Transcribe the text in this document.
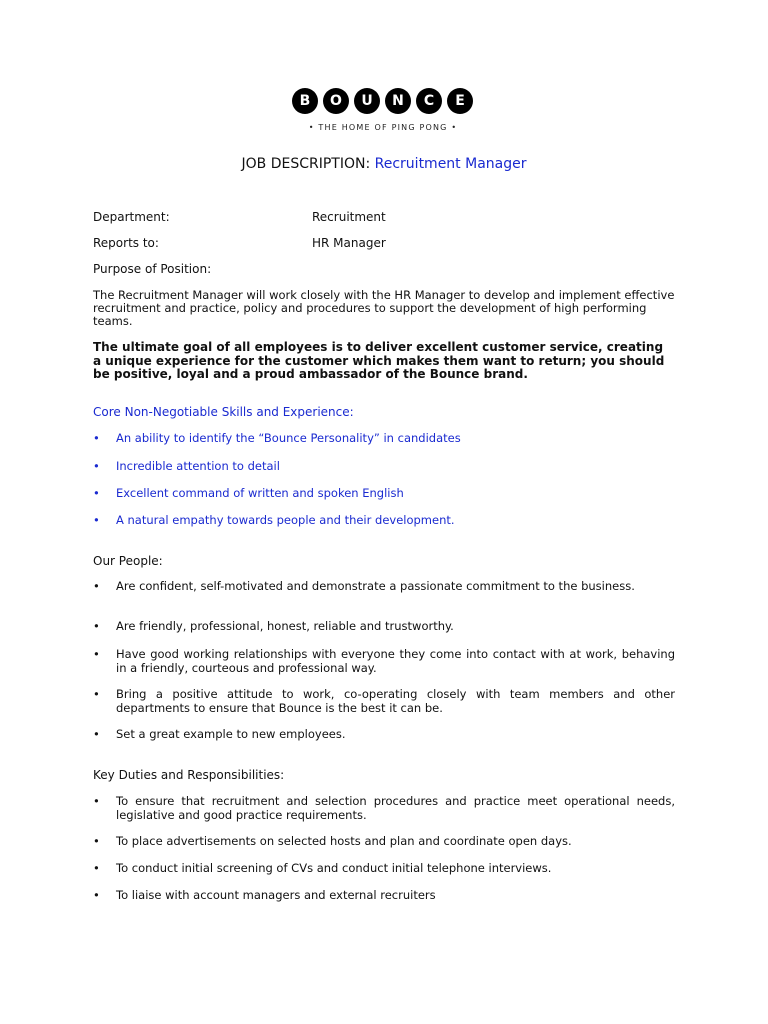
B	O	U	N	C	E
• THE HOME OF PING PONG •
JOB DESCRIPTION: Recruitment Manager
Department:	Recruitment
Reports to:	HR Manager
Purpose of Position:

The Recruitment Manager will work closely with the HR Manager to develop and implement effective recruitment and practice, policy and procedures to support the development of high performing teams.

The ultimate goal of all employees is to deliver excellent customer service, creating a unique experience for the customer which makes them want to return; you should be positive, loyal and a proud ambassador of the Bounce brand.

Core Non-Negotiable Skills and Experience:
•	An ability to identify the “Bounce Personality” in candidates
•	Incredible attention to detail
•	Excellent command of written and spoken English
•	A natural empathy towards people and their development.
Our People:
•	Are confident, self-motivated and demonstrate a passionate commitment to the business.
•	Are friendly, professional, honest, reliable and trustworthy.
•	Have good working relationships with everyone they come into contact with at work, behaving in a friendly, courteous and professional way.
•	Bring a positive attitude to work, co-operating closely with team members and other departments to ensure that Bounce is the best it can be.
•	Set a great example to new employees.
Key Duties and Responsibilities:
•	To ensure that recruitment and selection procedures and practice meet operational needs, legislative and good practice requirements.
•	To place advertisements on selected hosts and plan and coordinate open days.
•	To conduct initial screening of CVs and conduct initial telephone interviews.
•	To liaise with account managers and external recruiters
